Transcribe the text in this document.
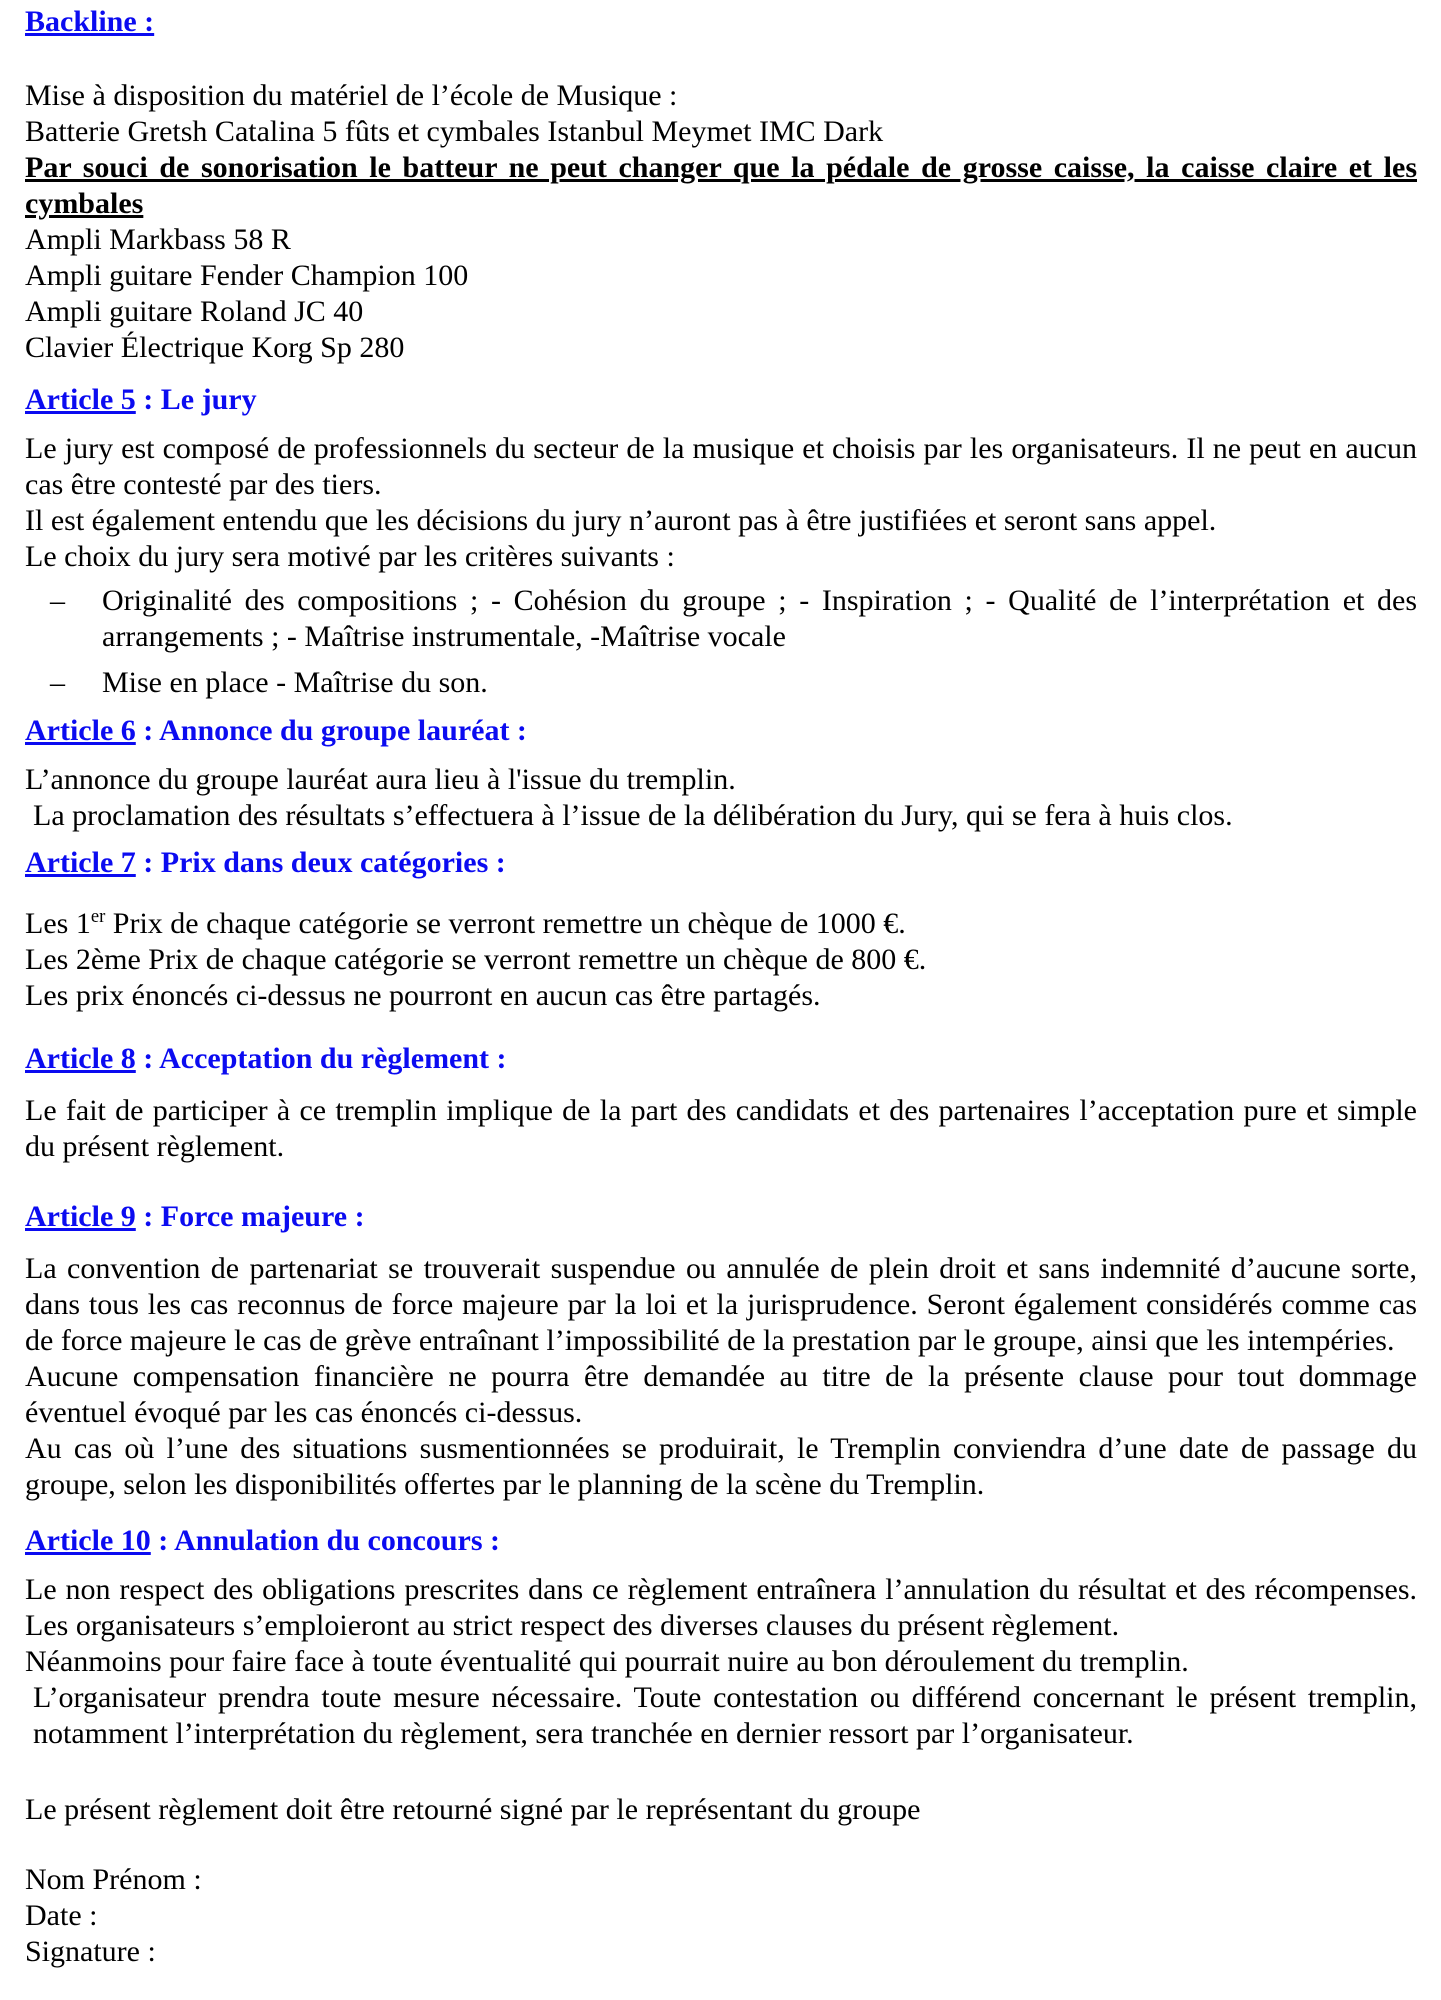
Backline :
Mise à disposition du matériel de l’école de Musique :
Batterie Gretsh Catalina 5 fûts et cymbales Istanbul Meymet IMC Dark
Par souci de sonorisation le batteur ne peut changer que la pédale de grosse caisse, la caisse claire et les cymbales
Ampli Markbass 58 R
Ampli guitare Fender Champion 100
Ampli guitare Roland JC 40
Clavier Électrique Korg Sp 280
Article 5 : Le jury
Le jury est composé de professionnels du secteur de la musique et choisis par les organisateurs. Il ne peut en aucun cas être contesté par des tiers.
Il est également entendu que les décisions du jury n’auront pas à être justifiées et seront sans appel.
Le choix du jury sera motivé par les critères suivants :
– Originalité des compositions ; - Cohésion du groupe ; - Inspiration ; - Qualité de l’interprétation et des arrangements ; - Maîtrise instrumentale, -Maîtrise vocale
– Mise en place - Maîtrise du son.
Article 6 : Annonce du groupe lauréat :
L’annonce du groupe lauréat aura lieu à l'issue du tremplin.
La proclamation des résultats s’effectuera à l’issue de la délibération du Jury, qui se fera à huis clos.
Article 7 : Prix dans deux catégories :
Les 1er Prix de chaque catégorie se verront remettre un chèque de 1000 €.
Les 2ème Prix de chaque catégorie se verront remettre un chèque de 800 €.
Les prix énoncés ci-dessus ne pourront en aucun cas être partagés.
Article 8 : Acceptation du règlement :
Le fait de participer à ce tremplin implique de la part des candidats et des partenaires l’acceptation pure et simple du présent règlement.
Article 9 : Force majeure :
La convention de partenariat se trouverait suspendue ou annulée de plein droit et sans indemnité d’aucune sorte, dans tous les cas reconnus de force majeure par la loi et la jurisprudence. Seront également considérés comme cas de force majeure le cas de grève entraînant l’impossibilité de la prestation par le groupe, ainsi que les intempéries.
Aucune compensation financière ne pourra être demandée au titre de la présente clause pour tout dommage éventuel évoqué par les cas énoncés ci-dessus.
Au cas où l’une des situations susmentionnées se produirait, le Tremplin conviendra d’une date de passage du groupe, selon les disponibilités offertes par le planning de la scène du Tremplin.
Article 10 : Annulation du concours :
Le non respect des obligations prescrites dans ce règlement entraînera l’annulation du résultat et des récompenses. Les organisateurs s’emploieront au strict respect des diverses clauses du présent règlement.
Néanmoins pour faire face à toute éventualité qui pourrait nuire au bon déroulement du tremplin.
L’organisateur prendra toute mesure nécessaire. Toute contestation ou différend concernant le présent tremplin, notamment l’interprétation du règlement, sera tranchée en dernier ressort par l’organisateur.
Le présent règlement doit être retourné signé par le représentant du groupe
Nom Prénom :
Date :
Signature :
